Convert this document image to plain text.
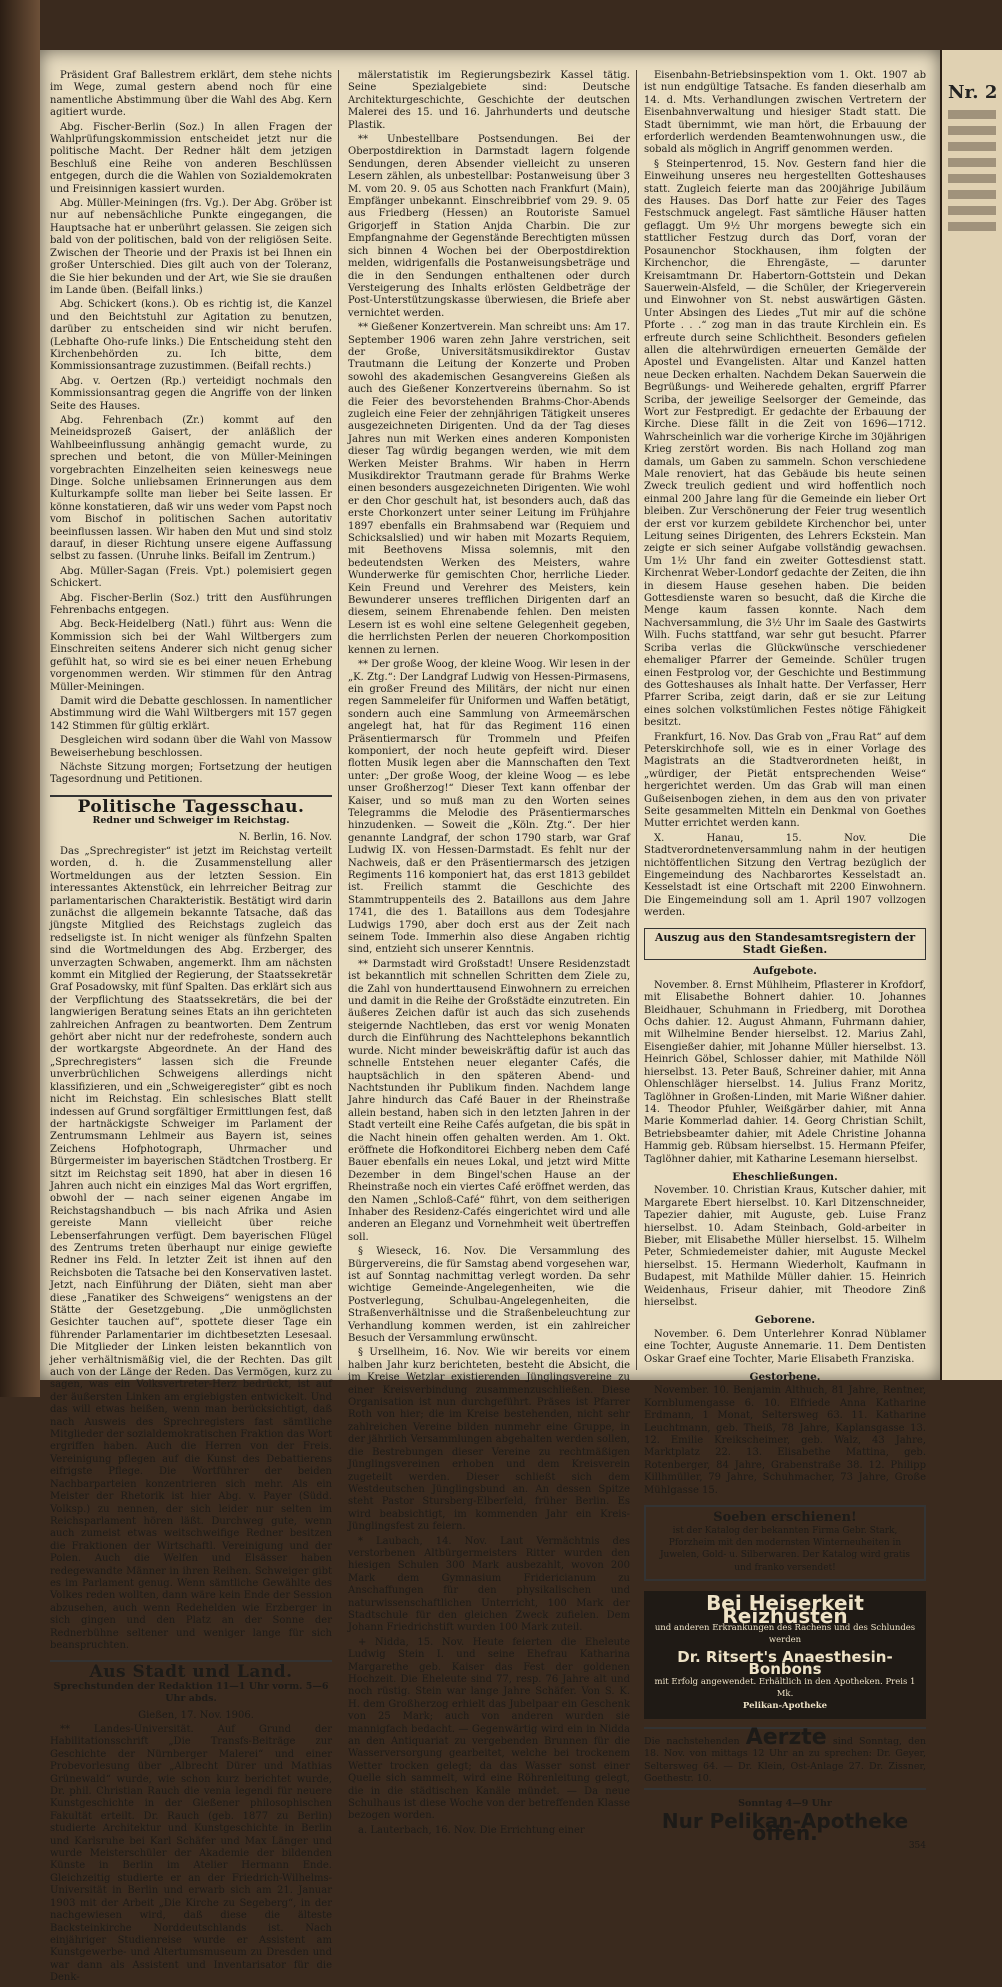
Präsident Graf Ballestrem erklärt, dem stehe nichts im Wege, zumal gestern abend noch für eine namentliche Abstimmung über die Wahl des Abg. Kern agitiert wurde.

Abg. Fischer-Berlin (Soz.) In allen Fragen der Wahlprüfungskommission entscheidet jetzt nur die politische Macht. Der Redner hält dem jetzigen Beschluß eine Reihe von anderen Beschlüssen entgegen, durch die die Wahlen von Sozialdemokraten und Freisinnigen kassiert wurden.

Abg. Müller-Meiningen (frs. Vg.). Der Abg. Gröber ist nur auf nebensächliche Punkte eingegangen, die Hauptsache hat er unberührt gelassen. Sie zeigen sich bald von der politischen, bald von der religiösen Seite. Zwischen der Theorie und der Praxis ist bei Ihnen ein großer Unterschied. Dies gilt auch von der Toleranz, die Sie hier bekunden und der Art, wie Sie sie draußen im Lande üben. (Beifall links.)

Abg. Schickert (kons.). Ob es richtig ist, die Kanzel und den Beichtstuhl zur Agitation zu benutzen, darüber zu entscheiden sind wir nicht berufen. (Lebhafte Oho-rufe links.) Die Entscheidung steht den Kirchenbehörden zu. Ich bitte, dem Kommissionsantrage zuzustimmen. (Beifall rechts.)

Abg. v. Oertzen (Rp.) verteidigt nochmals den Kommissionsantrag gegen die Angriffe von der linken Seite des Hauses.

Abg. Fehrenbach (Zr.) kommt auf den Meineidsprozeß Gaisert, der anläßlich der Wahlbeeinflussung anhängig gemacht wurde, zu sprechen und betont, die von Müller-Meiningen vorgebrachten Einzelheiten seien keineswegs neue Dinge. Solche unliebsamen Erinnerungen aus dem Kulturkampfe sollte man lieber bei Seite lassen. Er könne konstatieren, daß wir uns weder vom Papst noch vom Bischof in politischen Sachen autoritativ beeinflussen lassen. Wir haben den Mut und sind stolz darauf, in dieser Richtung unsere eigene Auffassung selbst zu fassen. (Unruhe links. Beifall im Zentrum.)

Abg. Müller-Sagan (Freis. Vpt.) polemisiert gegen Schickert.

Abg. Fischer-Berlin (Soz.) tritt den Ausführungen Fehrenbachs entgegen.

Abg. Beck-Heidelberg (Natl.) führt aus: Wenn die Kommission sich bei der Wahl Wiltbergers zum Einschreiten seitens Anderer sich nicht genug sicher gefühlt hat, so wird sie es bei einer neuen Erhebung vorgenommen werden. Wir stimmen für den Antrag Müller-Meiningen.

Damit wird die Debatte geschlossen. In namentlicher Abstimmung wird die Wahl Wiltbergers mit 157 gegen 142 Stimmen für gültig erklärt.

Desgleichen wird sodann über die Wahl von Massow Beweiserhebung beschlossen.

Nächste Sitzung morgen; Fortsetzung der heutigen Tagesordnung und Petitionen.

Politische Tagesschau.
Redner und Schweiger im Reichstag.

N. Berlin, 16. Nov.

Das „Sprechregister“ ist jetzt im Reichstag verteilt worden, d. h. die Zusammenstellung aller Wortmeldungen aus der letzten Session. Ein interessantes Aktenstück, ein lehrreicher Beitrag zur parlamentarischen Charakteristik. Bestätigt wird darin zunächst die allgemein bekannte Tatsache, daß das jüngste Mitglied des Reichstags zugleich das redseligste ist. In nicht weniger als fünfzehn Spalten sind die Wortmeldungen des Abg. Erzberger, des unverzagten Schwaben, angemerkt. Ihm am nächsten kommt ein Mitglied der Regierung, der Staatssekretär Graf Posadowsky, mit fünf Spalten. Das erklärt sich aus der Verpflichtung des Staatssekretärs, die bei der langwierigen Beratung seines Etats an ihn gerichteten zahlreichen Anfragen zu beantworten. Dem Zentrum gehört aber nicht nur der redefroheste, sondern auch der wortkargste Abgeordnete. An der Hand des „Sprechregisters“ lassen sich die Freunde unverbrüchlichen Schweigens allerdings nicht klassifizieren, und ein „Schweigeregister“ gibt es noch nicht im Reichstag. Ein schlesisches Blatt stellt indessen auf Grund sorgfältiger Ermittlungen fest, daß der hartnäckigste Schweiger im Parlament der Zentrumsmann Lehlmeir aus Bayern ist, seines Zeichens Hofphotograph, Uhrmacher und Bürgermeister im bayerischen Städtchen Trostberg. Er sitzt im Reichstag seit 1890, hat aber in diesen 16 Jahren auch nicht ein einziges Mal das Wort ergriffen, obwohl der — nach seiner eigenen Angabe im Reichstagshandbuch — bis nach Afrika und Asien gereiste Mann vielleicht über reiche Lebenserfahrungen verfügt. Dem bayerischen Flügel des Zentrums treten überhaupt nur einige gewiefte Redner ins Feld. In letzter Zeit ist ihnen auf den Reichsboten die Tatsache bei den Konservativen lastet. Jetzt, nach Einführung der Diäten, sieht man aber diese „Fanatiker des Schweigens“ wenigstens an der Stätte der Gesetzgebung. „Die unmöglichsten Gesichter tauchen auf“, spottete dieser Tage ein führender Parlamentarier im dichtbesetzten Lesesaal. Die Mitglieder der Linken leisten bekanntlich von jeher verhältnismäßig viel, die der Rechten. Das gilt auch von der Länge der Reden. Das Vermögen, kurz zu sagen, was ein Volksvertreter-Herz bedrückt, ist auf der äußersten Linken am ergiebigsten entwickelt. Und das will etwas heißen, wenn man berücksichtigt, daß nach Ausweis des Sprechregisters fast sämtliche Mitglieder der sozialdemokratischen Fraktion das Wort ergriffen haben. Auch die Herren von der Freis. Vereinigung pflegen auf die Kunst des Debattierens eifrigste Pflege. Die Wortführer der beiden Nachbarparteien konzentrieren sich mehr. Als ein Meister der Rhetorik ist hier Abg. v. Payer (Südd. Volksp.) zu nennen, der sich leider nur selten im Reichsparlament hören läßt. Durchweg gute, wenn auch zumeist etwas weitschweifige Redner besitzen die Fraktionen der Wirtschaftl. Vereinigung und der Polen. Auch die Welfen und Elsässer haben redegewandte Männer in ihren Reihen. Schweiger gibt es im Parlament genug. Wenn sämtliche Gewählte des Volkes reden wollten, dann wäre kein Ende der Session abzusehen, auch wenn Redehelden wie Erzberger in sich gingen und den Platz an der Sonne der Rednerbühne seltener und weniger lange für sich beanspruchten.

Aus Stadt und Land.
Sprechstunden der Redaktion 11—1 Uhr vorm. 5—6 Uhr abds.

Gießen, 17. Nov. 1906.

** Landes-Universität. Auf Grund der Habilitationsschrift „Die Transfs-Beiträge zur Geschichte der Nürnberger Malerei“ und einer Probevorlesung über „Albrecht Dürer und Mathias Grünewald“ wurde, wie schon kurz berichtet wurde, Dr. phil. Christian Rauch die venia legendi für neuere Kunstgeschichte in der Gießener philosophischen Fakultät erteilt. Dr. Rauch (geb. 1877 zu Berlin) studierte Architektur und Kunstgeschichte in Berlin und Karlsruhe bei Karl Schäfer und Max Länger und wurde Meisterschüler der Akademie der bildenden Künste in Berlin im Atelier Hermann Ende. Gleichzeitig studierte er an der Friedrich-Wilhelms-Universität in Berlin und erwarb sich am 21. Januar 1903 mit der Arbeit „Die Kirche zu Segeberg“, in der nachgewiesen wird, daß diese die älteste Backsteinkirche Norddeutschlands ist. Nach einjähriger Studienreise wurde er Assistent am Kunstgewerbe- und Altertumsmuseum zu Dresden und war dann als Assistent und Inventarisator für die Denk-

mälerstatistik im Regierungsbezirk Kassel tätig. Seine Spezialgebiete sind: Deutsche Architekturgeschichte, Geschichte der deutschen Malerei des 15. und 16. Jahrhunderts und deutsche Plastik.

** Unbestellbare Postsendungen. Bei der Oberpostdirektion in Darmstadt lagern folgende Sendungen, deren Absender vielleicht zu unseren Lesern zählen, als unbestellbar: Postanweisung über 3 M. vom 20. 9. 05 aus Schotten nach Frankfurt (Main), Empfänger unbekannt. Einschreibbrief vom 29. 9. 05 aus Friedberg (Hessen) an Routoriste Samuel Grigorjeff in Station Anjda Charbin. Die zur Empfangnahme der Gegenstände Berechtigten müssen sich binnen 4 Wochen bei der Oberpostdirektion melden, widrigenfalls die Postanweisungsbeträge und die in den Sendungen enthaltenen oder durch Versteigerung des Inhalts erlösten Geldbeträge der Post-Unterstützungskasse überwiesen, die Briefe aber vernichtet werden.

** Gießener Konzertverein. Man schreibt uns: Am 17. September 1906 waren zehn Jahre verstrichen, seit der Große, Universitätsmusikdirektor Gustav Trautmann die Leitung der Konzerte und Proben sowohl des akademischen Gesangvereins Gießen als auch des Gießener Konzertvereins übernahm. So ist die Feier des bevorstehenden Brahms-Chor-Abends zugleich eine Feier der zehnjährigen Tätigkeit unseres ausgezeichneten Dirigenten. Und da der Tag dieses Jahres nun mit Werken eines anderen Komponisten dieser Tag würdig begangen werden, wie mit dem Werken Meister Brahms. Wir haben in Herrn Musikdirektor Trautmann gerade für Brahms Werke einen besonders ausgezeichneten Dirigenten. Wie wohl er den Chor geschult hat, ist besonders auch, daß das erste Chorkonzert unter seiner Leitung im Frühjahre 1897 ebenfalls ein Brahmsabend war (Requiem und Schicksalslied) und wir haben mit Mozarts Requiem, mit Beethovens Missa solemnis, mit den bedeutendsten Werken des Meisters, wahre Wunderwerke für gemischten Chor, herrliche Lieder. Kein Freund und Verehrer des Meisters, kein Bewunderer unseres trefflichen Dirigenten darf an diesem, seinem Ehrenabende fehlen. Den meisten Lesern ist es wohl eine seltene Gelegenheit gegeben, die herrlichsten Perlen der neueren Chorkomposition kennen zu lernen.

** Der große Woog, der kleine Woog. Wir lesen in der „K. Ztg.“: Der Landgraf Ludwig von Hessen-Pirmasens, ein großer Freund des Militärs, der nicht nur einen regen Sammeleifer für Uniformen und Waffen betätigt, sondern auch eine Sammlung von Armeemärschen angelegt hat, hat für das Regiment 116 einen Präsentiermarsch für Trommeln und Pfeifen komponiert, der noch heute gepfeift wird. Dieser flotten Musik legen aber die Mannschaften den Text unter: „Der große Woog, der kleine Woog — es lebe unser Großherzog!“ Dieser Text kann offenbar der Kaiser, und so muß man zu den Worten seines Telegramms die Melodie des Präsentiermarsches hinzudenken. — Soweit die „Köln. Ztg.“. Der hier genannte Landgraf, der schon 1790 starb, war Graf Ludwig IX. von Hessen-Darmstadt. Es fehlt nur der Nachweis, daß er den Präsentiermarsch des jetzigen Regiments 116 komponiert hat, das erst 1813 gebildet ist. Freilich stammt die Geschichte des Stammtruppenteils des 2. Bataillons aus dem Jahre 1741, die des 1. Bataillons aus dem Todesjahre Ludwigs 1790, aber doch erst aus der Zeit nach seinem Tode. Immerhin also diese Angaben richtig sind, entzieht sich unserer Kenntnis.

** Darmstadt wird Großstadt! Unsere Residenzstadt ist bekanntlich mit schnellen Schritten dem Ziele zu, die Zahl von hunderttausend Einwohnern zu erreichen und damit in die Reihe der Großstädte einzutreten. Ein äußeres Zeichen dafür ist auch das sich zusehends steigernde Nachtleben, das erst vor wenig Monaten durch die Einführung des Nachttelephons bekanntlich wurde. Nicht minder beweiskräftig dafür ist auch das schnelle Entstehen neuer eleganter Cafés, die hauptsächlich in den späteren Abend- und Nachtstunden ihr Publikum finden. Nachdem lange Jahre hindurch das Café Bauer in der Rheinstraße allein bestand, haben sich in den letzten Jahren in der Stadt verteilt eine Reihe Cafés aufgetan, die bis spät in die Nacht hinein offen gehalten werden. Am 1. Okt. eröffnete die Hofkonditorei Eichberg neben dem Café Bauer ebenfalls ein neues Lokal, und jetzt wird Mitte Dezember in dem Bingel'schen Hause an der Rheinstraße noch ein viertes Café eröffnet werden, das den Namen „Schloß-Café“ führt, von dem seitherigen Inhaber des Residenz-Cafés eingerichtet wird und alle anderen an Eleganz und Vornehmheit weit übertreffen soll.

§ Wieseck, 16. Nov. Die Versammlung des Bürgervereins, die für Samstag abend vorgesehen war, ist auf Sonntag nachmittag verlegt worden. Da sehr wichtige Gemeinde-Angelegenheiten, wie die Postverlegung, Schulbau-Angelegenheiten, die Straßenverhältnisse und die Straßenbeleuchtung zur Verhandlung kommen werden, ist ein zahlreicher Besuch der Versammlung erwünscht.

§ Ursellheim, 16. Nov. Wie wir bereits vor einem halben Jahr kurz berichteten, besteht die Absicht, die im Kreise Wetzlar existierenden Jünglingsvereine zu einer Kreisverbindung zusammenzuschließen. Diese Organisation ist nun durchgeführt. Präses ist Pfarrer Roth von hier; die im Kreise bestehenden, nicht sehr zahlreichen Vereine bilden nunmehr eine Gruppe, in der jährlich Versammlungen abgehalten werden sollen, die Bestrebungen dieser Vereine zu rechtmäßigen Jünglingsvereinen erhoben und dem Kreisverein zugeteilt werden. Dieser schließt sich dem Westdeutschen Jünglingsbund an. An dessen Spitze steht Pastor Stursberg-Elberfeld, früher Berlin. Es wird beabsichtigt, im kommenden Jahr ein Kreis-Jünglingsfest zu feiern.

* Laubach, 14. Nov. Laut Vermächtnis des verstorbenen Altbürgermeisters Ritter wurden den hiesigen Schulen 300 Mark ausbezahlt, wovon 200 Mark dem Gymnasium Fridericianum zu Anschaffungen für den physikalischen und naturwissenschaftlichen Unterricht, 100 Mark der Stadtschule für den gleichen Zweck zufielen. Dem Johann Friedrichstift wurden 100 Mark zuteil.

+ Nidda, 15. Nov. Heute feierten die Eheleute Ludwig Stein I. und seine Ehefrau Katharina Margarethe geb. Kaiser das Fest der goldenen Hochzeit. Die Eheleute sind 77, resp. 76 Jahre alt und noch rüstig. Stein war lange Jahre Schäfer. Von S. K. H. dem Großherzog erhielt das Jubelpaar ein Geschenk von 25 Mark; auch von anderen wurden sie mannigfach bedacht. — Gegenwärtig wird ein in Nidda an den Antiquariat zu vergebenden Brunnen für die Wasserversorgung gearbeitet, welche bei trockenem Wetter trocken gelegt; da das Wasser sonst einer Quelle sich sammelt, wird eine Röhrenleitung gelegt, die in die städtischen Kanäle mündet. — Da neue Schulhaus ist diese Woche von der betreffenden Klasse bezogen worden.

a. Lauterbach, 16. Nov. Die Errichtung einer

Eisenbahn-Betriebsinspektion vom 1. Okt. 1907 ab ist nun endgültige Tatsache. Es fanden dieserhalb am 14. d. Mts. Verhandlungen zwischen Vertretern der Eisenbahnverwaltung und hiesiger Stadt statt. Die Stadt übernimmt, wie man hört, die Erbauung der erforderlich werdenden Beamtenwohnungen usw., die sobald als möglich in Angriff genommen werden.

§ Steinpertenrod, 15. Nov. Gestern fand hier die Einweihung unseres neu hergestellten Gotteshauses statt. Zugleich feierte man das 200jährige Jubiläum des Hauses. Das Dorf hatte zur Feier des Tages Festschmuck angelegt. Fast sämtliche Häuser hatten geflaggt. Um 9½ Uhr morgens bewegte sich ein stattlicher Festzug durch das Dorf, voran der Posaunenchor Stockhausen, ihm folgten der Kirchenchor, die Ehrengäste, — darunter Kreisamtmann Dr. Habertorn-Gottstein und Dekan Sauerwein-Alsfeld, — die Schüler, der Kriegerverein und Einwohner von St. nebst auswärtigen Gästen. Unter Absingen des Liedes „Tut mir auf die schöne Pforte . . .“ zog man in das traute Kirchlein ein. Es erfreute durch seine Schlichtheit. Besonders gefielen allen die altehrwürdigen erneuerten Gemälde der Apostel und Evangelisten. Altar und Kanzel hatten neue Decken erhalten. Nachdem Dekan Sauerwein die Begrüßungs- und Weiherede gehalten, ergriff Pfarrer Scriba, der jeweilige Seelsorger der Gemeinde, das Wort zur Festpredigt. Er gedachte der Erbauung der Kirche. Diese fällt in die Zeit von 1696—1712. Wahrscheinlich war die vorherige Kirche im 30jährigen Krieg zerstört worden. Bis nach Holland zog man damals, um Gaben zu sammeln. Schon verschiedene Male renoviert, hat das Gebäude bis heute seinen Zweck treulich gedient und wird hoffentlich noch einmal 200 Jahre lang für die Gemeinde ein lieber Ort bleiben. Zur Verschönerung der Feier trug wesentlich der erst vor kurzem gebildete Kirchenchor bei, unter Leitung seines Dirigenten, des Lehrers Eckstein. Man zeigte er sich seiner Aufgabe vollständig gewachsen. Um 1½ Uhr fand ein zweiter Gottesdienst statt. Kirchenrat Weber-Londorf gedachte der Zeiten, die ihn in diesem Hause gesehen haben. Die beiden Gottesdienste waren so besucht, daß die Kirche die Menge kaum fassen konnte. Nach dem Nachversammlung, die 3½ Uhr im Saale des Gastwirts Wilh. Fuchs stattfand, war sehr gut besucht. Pfarrer Scriba verlas die Glückwünsche verschiedener ehemaliger Pfarrer der Gemeinde. Schüler trugen einen Festprolog vor, der Geschichte und Bestimmung des Gotteshauses als Inhalt hatte. Der Verfasser, Herr Pfarrer Scriba, zeigt darin, daß er sie zur Leitung eines solchen volkstümlichen Festes nötige Fähigkeit besitzt.

Frankfurt, 16. Nov. Das Grab von „Frau Rat“ auf dem Peterskirchhofe soll, wie es in einer Vorlage des Magistrats an die Stadtverordneten heißt, in „würdiger, der Pietät entsprechenden Weise“ hergerichtet werden. Um das Grab will man einen Gußeisenbogen ziehen, in dem aus den von privater Seite gesammelten Mitteln ein Denkmal von Goethes Mutter errichtet werden kann.

X. Hanau, 15. Nov. Die Stadtverordnetenversammlung nahm in der heutigen nichtöffentlichen Sitzung den Vertrag bezüglich der Eingemeindung des Nachbarortes Kesselstadt an. Kesselstadt ist eine Ortschaft mit 2200 Einwohnern. Die Eingemeindung soll am 1. April 1907 vollzogen werden.

Auszug aus den Standesamtsregistern der Stadt Gießen.
Aufgebote.

November. 8. Ernst Mühlheim, Pflasterer in Krofdorf, mit Elisabethe Bohnert dahier. 10. Johannes Bleidhauer, Schuhmann in Friedberg, mit Dorothea Ochs dahier. 12. August Ahmann, Fuhrmann dahier, mit Wilhelmine Bender hierselbst. 12. Marius Zahl, Eisengießer dahier, mit Johanne Müller hierselbst. 13. Heinrich Göbel, Schlosser dahier, mit Mathilde Nöll hierselbst. 13. Peter Bauß, Schreiner dahier, mit Anna Ohlenschläger hierselbst. 14. Julius Franz Moritz, Taglöhner in Großen-Linden, mit Marie Wißner dahier. 14. Theodor Pfuhler, Weißgärber dahier, mit Anna Marie Kommerlad dahier. 14. Georg Christian Schilt, Betriebsbeamter dahier, mit Adele Christine Johanna Hammig geb. Rübsam hierselbst. 15. Hermann Pfeifer, Taglöhner dahier, mit Katharine Lesemann hierselbst.

Eheschließungen.

November. 10. Christian Kraus, Kutscher dahier, mit Margarete Ebert hierselbst. 10. Karl Ditzenschneider, Tapezier dahier, mit Auguste, geb. Luise Franz hierselbst. 10. Adam Steinbach, Gold-arbeiter in Bieber, mit Elisabethe Müller hierselbst. 15. Wilhelm Peter, Schmiedemeister dahier, mit Auguste Meckel hierselbst. 15. Hermann Wiederholt, Kaufmann in Budapest, mit Mathilde Müller dahier. 15. Heinrich Weidenhaus, Friseur dahier, mit Theodore Zinß hierselbst.

Geborene.

November. 6. Dem Unterlehrer Konrad Nüblamer eine Tochter, Auguste Annemarie. 11. Dem Dentisten Oskar Graef eine Tochter, Marie Elisabeth Franziska.

Gestorbene.

November. 10. Benjamin Althuch, 81 Jahre, Rentner, Kornblumengasse 6. 10. Elfriede Anna Katharine Erdmann, 1 Monat, Seltersweg 63. 11. Katharine Leuchtmann, geb. Theiß, 78 Jahre, Kaplansgasse 13. 12. Emilie Kreikscheimer, geb. Walz, 43 Jahre, Marktplatz 22. 13. Elisabethe Mattina, geb. Rotenberger, 84 Jahre, Grabenstraße 38. 12. Philipp Killhmüller, 79 Jahre, Schuhmacher, 73 Jahre, Große Mühlgasse 15.

Soeben erschienen!
ist der Katalog der bekannten Firma Gebr. Stark, Pforzheim mit den modernsten Winterneuheiten in Juwelen, Gold- u. Silberwaren. Der Katalog wird gratis und franko versendet!
Bei Heiserkeit Reizhusten
und anderen Erkrankungen des Rachens und des Schlundes werden
Dr. Ritsert's Anaesthesin-Bonbons
mit Erfolg angewendet. Erhältlich in den Apotheken. Preis 1 Mk.
Pelikan-Apotheke
Die nachstehenden Aerzte sind Sonntag, den 18. Nov. von mittags 12 Uhr an zu sprechen: Dr. Geyer, Seltersweg 64. — Dr. Klein, Ost-Anlage 27. Dr. Zissner, Goethestr. 10.
Sonntag 4—9 Uhr
Nur Pelikan-Apotheke offen.
354
Nr. 2
